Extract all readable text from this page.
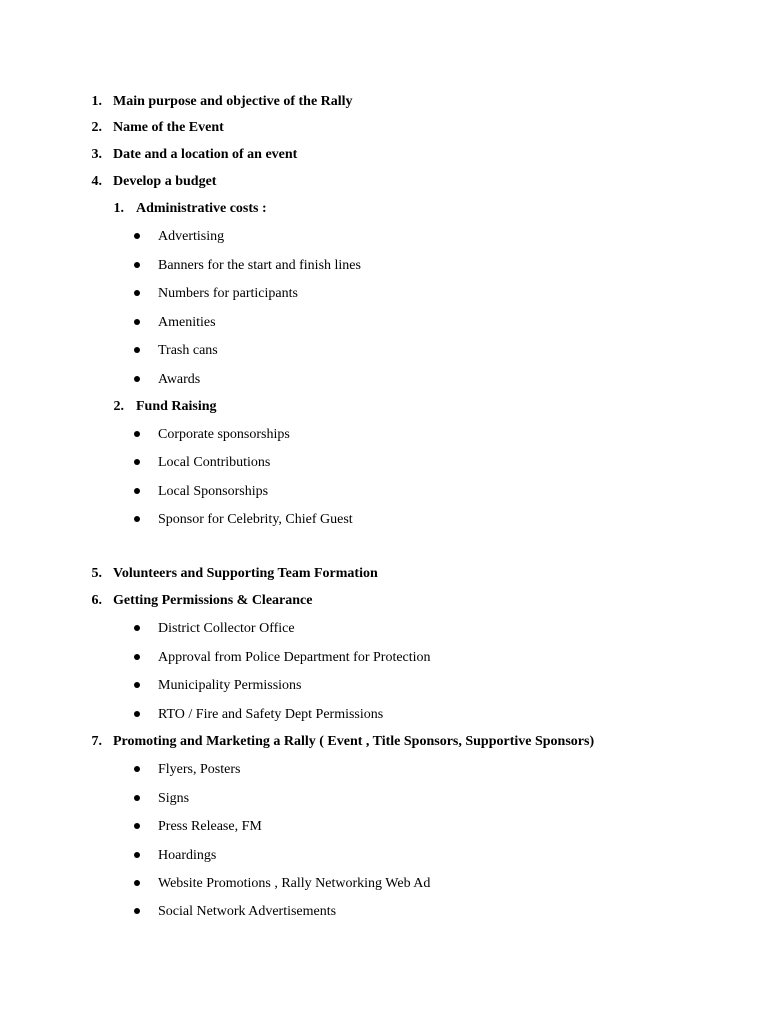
1. Main purpose and objective of the Rally
2. Name of the Event
3. Date and a location of an event
4. Develop a budget
1. Administrative costs :
Advertising
Banners for the start and finish lines
Numbers for participants
Amenities
Trash cans
Awards
2. Fund Raising
Corporate sponsorships
Local Contributions
Local Sponsorships
Sponsor for Celebrity, Chief Guest
5. Volunteers and Supporting Team Formation
6. Getting Permissions & Clearance
District Collector Office
Approval from Police Department for Protection
Municipality Permissions
RTO / Fire and Safety Dept Permissions
7. Promoting and Marketing a Rally ( Event , Title Sponsors, Supportive Sponsors)
Flyers, Posters
Signs
Press Release, FM
Hoardings
Website Promotions , Rally Networking Web Ad
Social Network Advertisements
